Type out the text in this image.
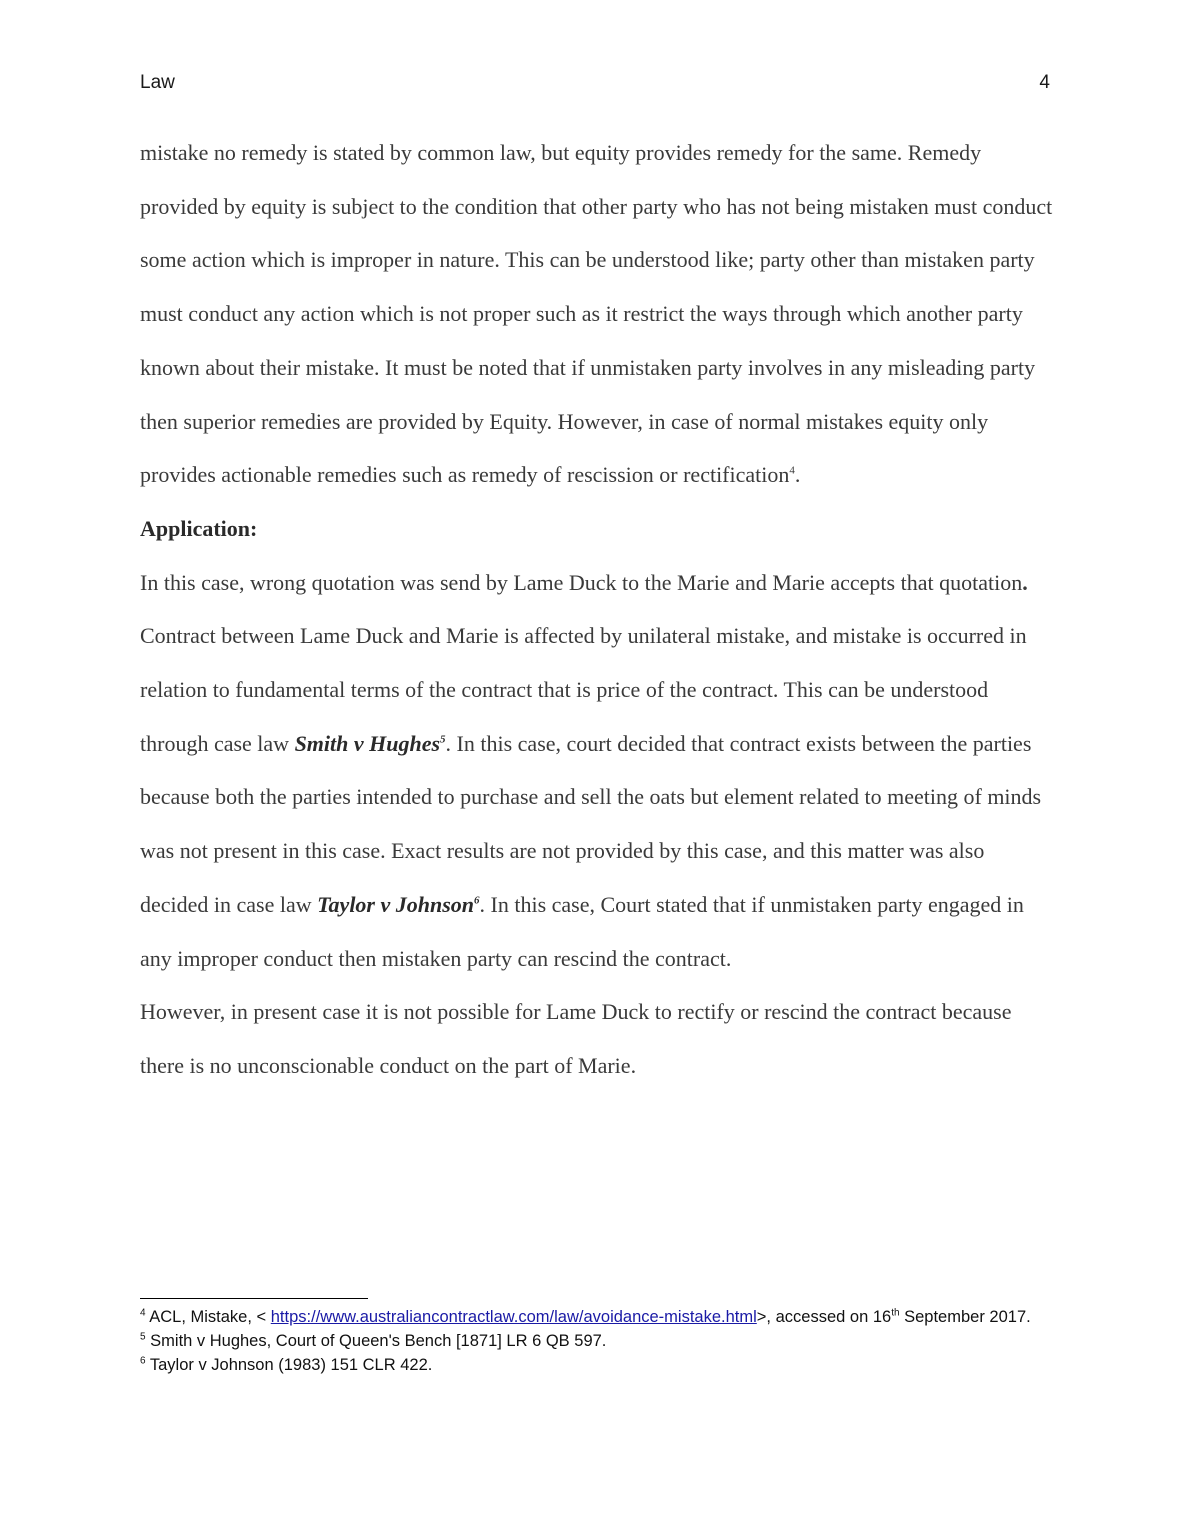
Law	4

mistake no remedy is stated by common law, but equity provides remedy for the same. Remedy provided by equity is subject to the condition that other party who has not being mistaken must conduct some action which is improper in nature. This can be understood like; party other than mistaken party must conduct any action which is not proper such as it restrict the ways through which another party known about their mistake. It must be noted that if unmistaken party involves in any misleading party then superior remedies are provided by Equity. However, in case of normal mistakes equity only provides actionable remedies such as remedy of rescission or rectification$^4$.

Application:

In this case, wrong quotation was send by Lame Duck to the Marie and Marie accepts that quotation. Contract between Lame Duck and Marie is affected by unilateral mistake, and mistake is occurred in relation to fundamental terms of the contract that is price of the contract. This can be understood through case law Smith v Hughes$^5$. In this case, court decided that contract exists between the parties because both the parties intended to purchase and sell the oats but element related to meeting of minds was not present in this case. Exact results are not provided by this case, and this matter was also decided in case law Taylor v Johnson$^6$. In this case, Court stated that if unmistaken party engaged in any improper conduct then mistaken party can rescind the contract.

However, in present case it is not possible for Lame Duck to rectify or rescind the contract because there is no unconscionable conduct on the part of Marie.

$^4$ ACL, Mistake, < https://www.australiancontractlaw.com/law/avoidance-mistake.html>, accessed on 16th September 2017.

$^5$ Smith v Hughes, Court of Queen's Bench [1871] LR 6 QB 597.

$^6$ Taylor v Johnson (1983) 151 CLR 422.
